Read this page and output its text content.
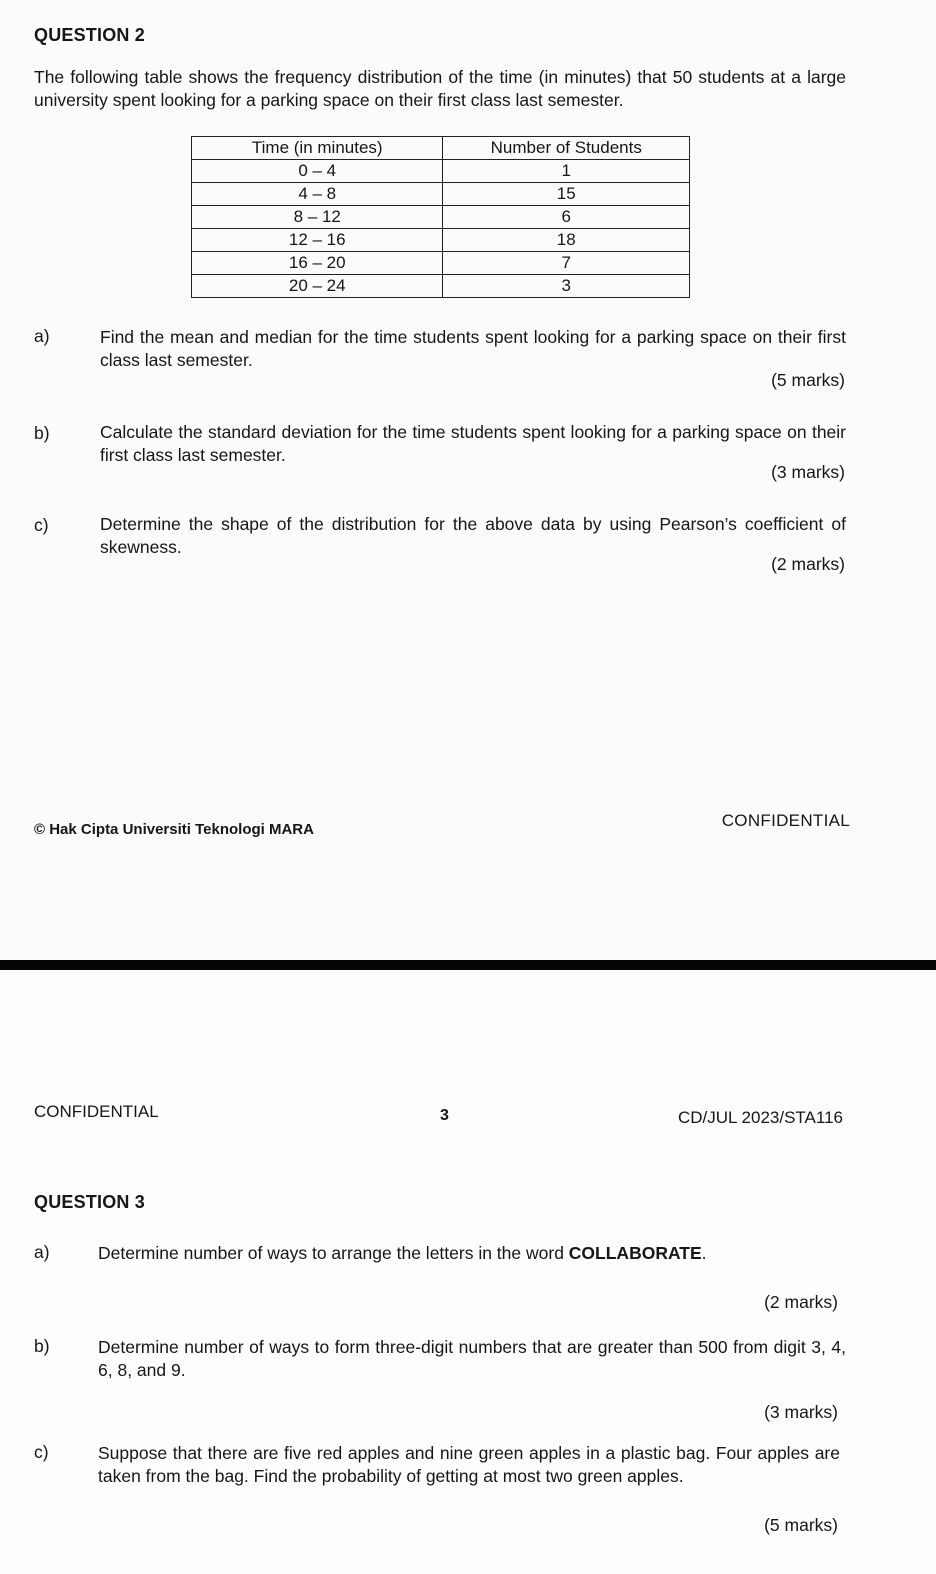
QUESTION 2
The following table shows the frequency distribution of the time (in minutes) that 50 students at a large university spent looking for a parking space on their first class last semester.
Time (in minutes)	Number of Students
0 – 4	1
4 – 8	15
8 – 12	6
12 – 16	18
16 – 20	7
20 – 24	3
a)	Find the mean and median for the time students spent looking for a parking space on their first class last semester.
(5 marks)
b)	Calculate the standard deviation for the time students spent looking for a parking space on their first class last semester.
(3 marks)
c)	Determine the shape of the distribution for the above data by using Pearson’s coefficient of skewness.
(2 marks)
© Hak Cipta Universiti Teknologi MARA	CONFIDENTIAL
CONFIDENTIAL	3	CD/JUL 2023/STA116
QUESTION 3
a)	Determine number of ways to arrange the letters in the word COLLABORATE.
(2 marks)
b)	Determine number of ways to form three-digit numbers that are greater than 500 from digit 3, 4, 6, 8, and 9.
(3 marks)
c)	Suppose that there are five red apples and nine green apples in a plastic bag. Four apples are taken from the bag. Find the probability of getting at most two green apples.
(5 marks)
